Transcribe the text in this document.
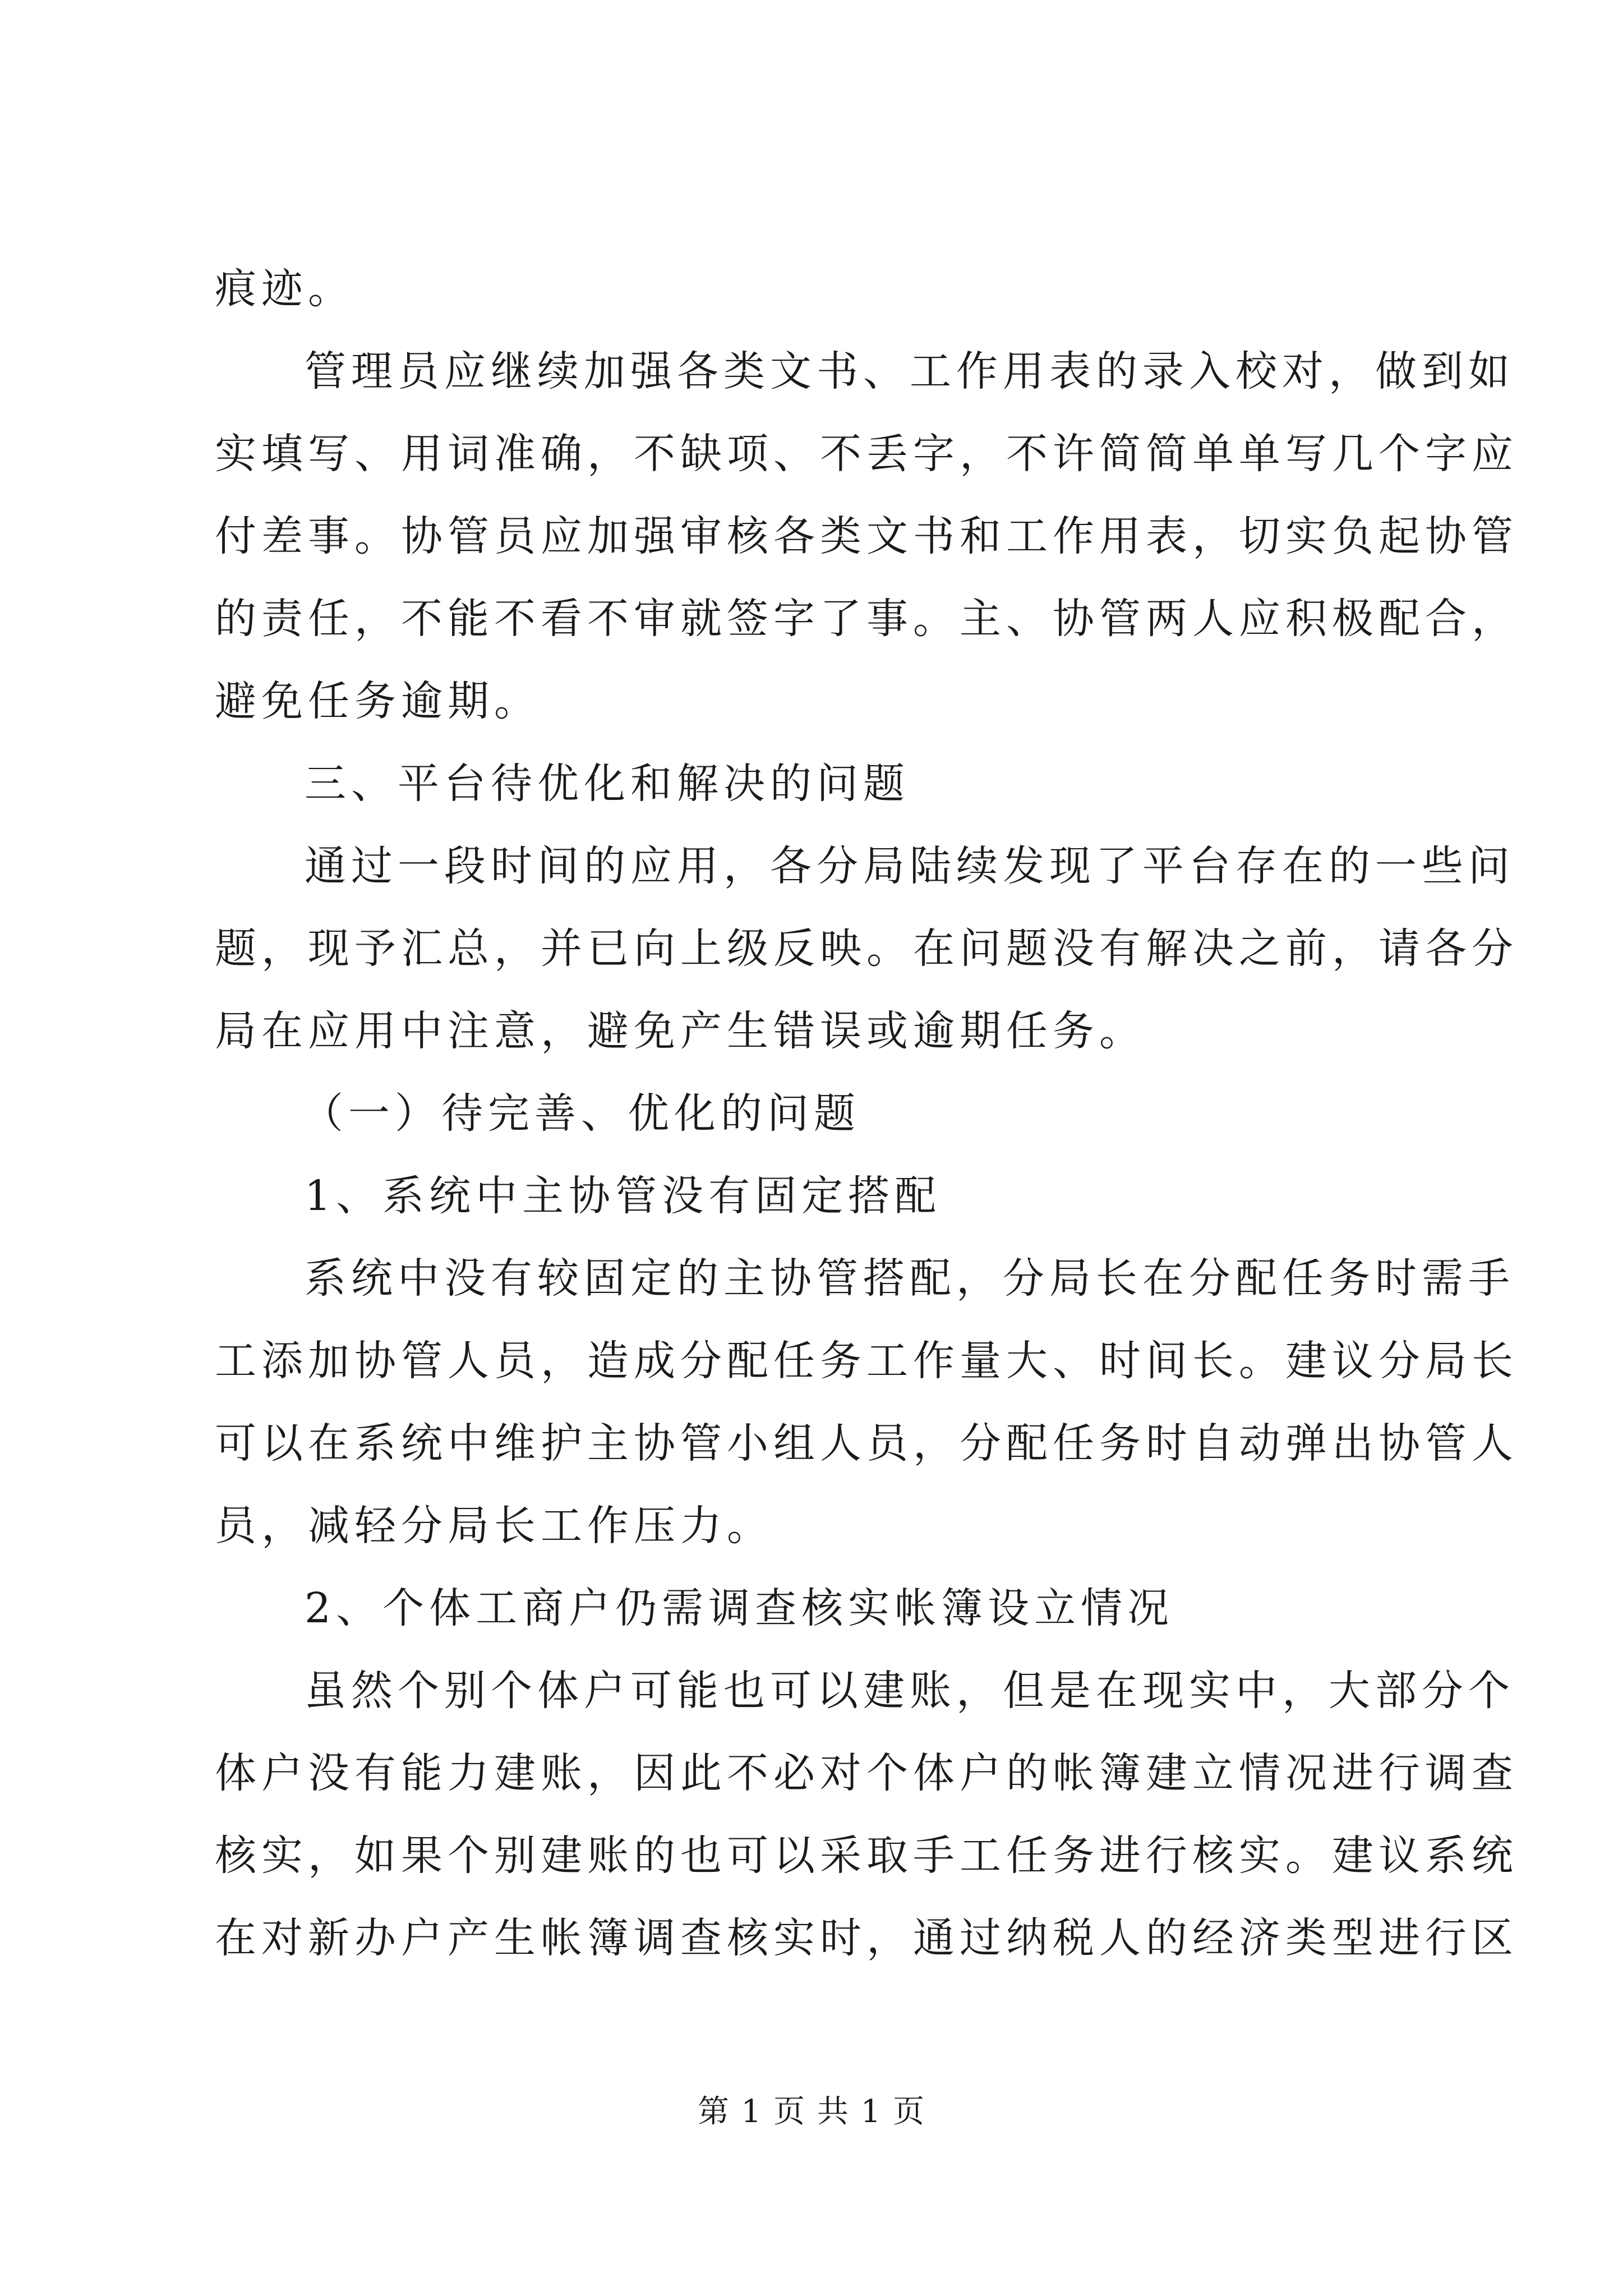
痕迹。
管理员应继续加强各类文书、工作用表的录入校对，做到如
实填写、用词准确，不缺项、不丢字，不许简简单单写几个字应
付差事。协管员应加强审核各类文书和工作用表，切实负起协管
的责任，不能不看不审就签字了事。主、协管两人应积极配合，
避免任务逾期。
三、平台待优化和解决的问题
通过一段时间的应用，各分局陆续发现了平台存在的一些问
题，现予汇总，并已向上级反映。在问题没有解决之前，请各分
局在应用中注意，避免产生错误或逾期任务。
（一）待完善、优化的问题
1、系统中主协管没有固定搭配
系统中没有较固定的主协管搭配，分局长在分配任务时需手
工添加协管人员，造成分配任务工作量大、时间长。建议分局长
可以在系统中维护主协管小组人员，分配任务时自动弹出协管人
员，减轻分局长工作压力。
2、个体工商户仍需调查核实帐簿设立情况
虽然个别个体户可能也可以建账，但是在现实中，大部分个
体户没有能力建账，因此不必对个体户的帐簿建立情况进行调查
核实，如果个别建账的也可以采取手工任务进行核实。建议系统
在对新办户产生帐簿调查核实时，通过纳税人的经济类型进行区
第 1 页 共 1 页
